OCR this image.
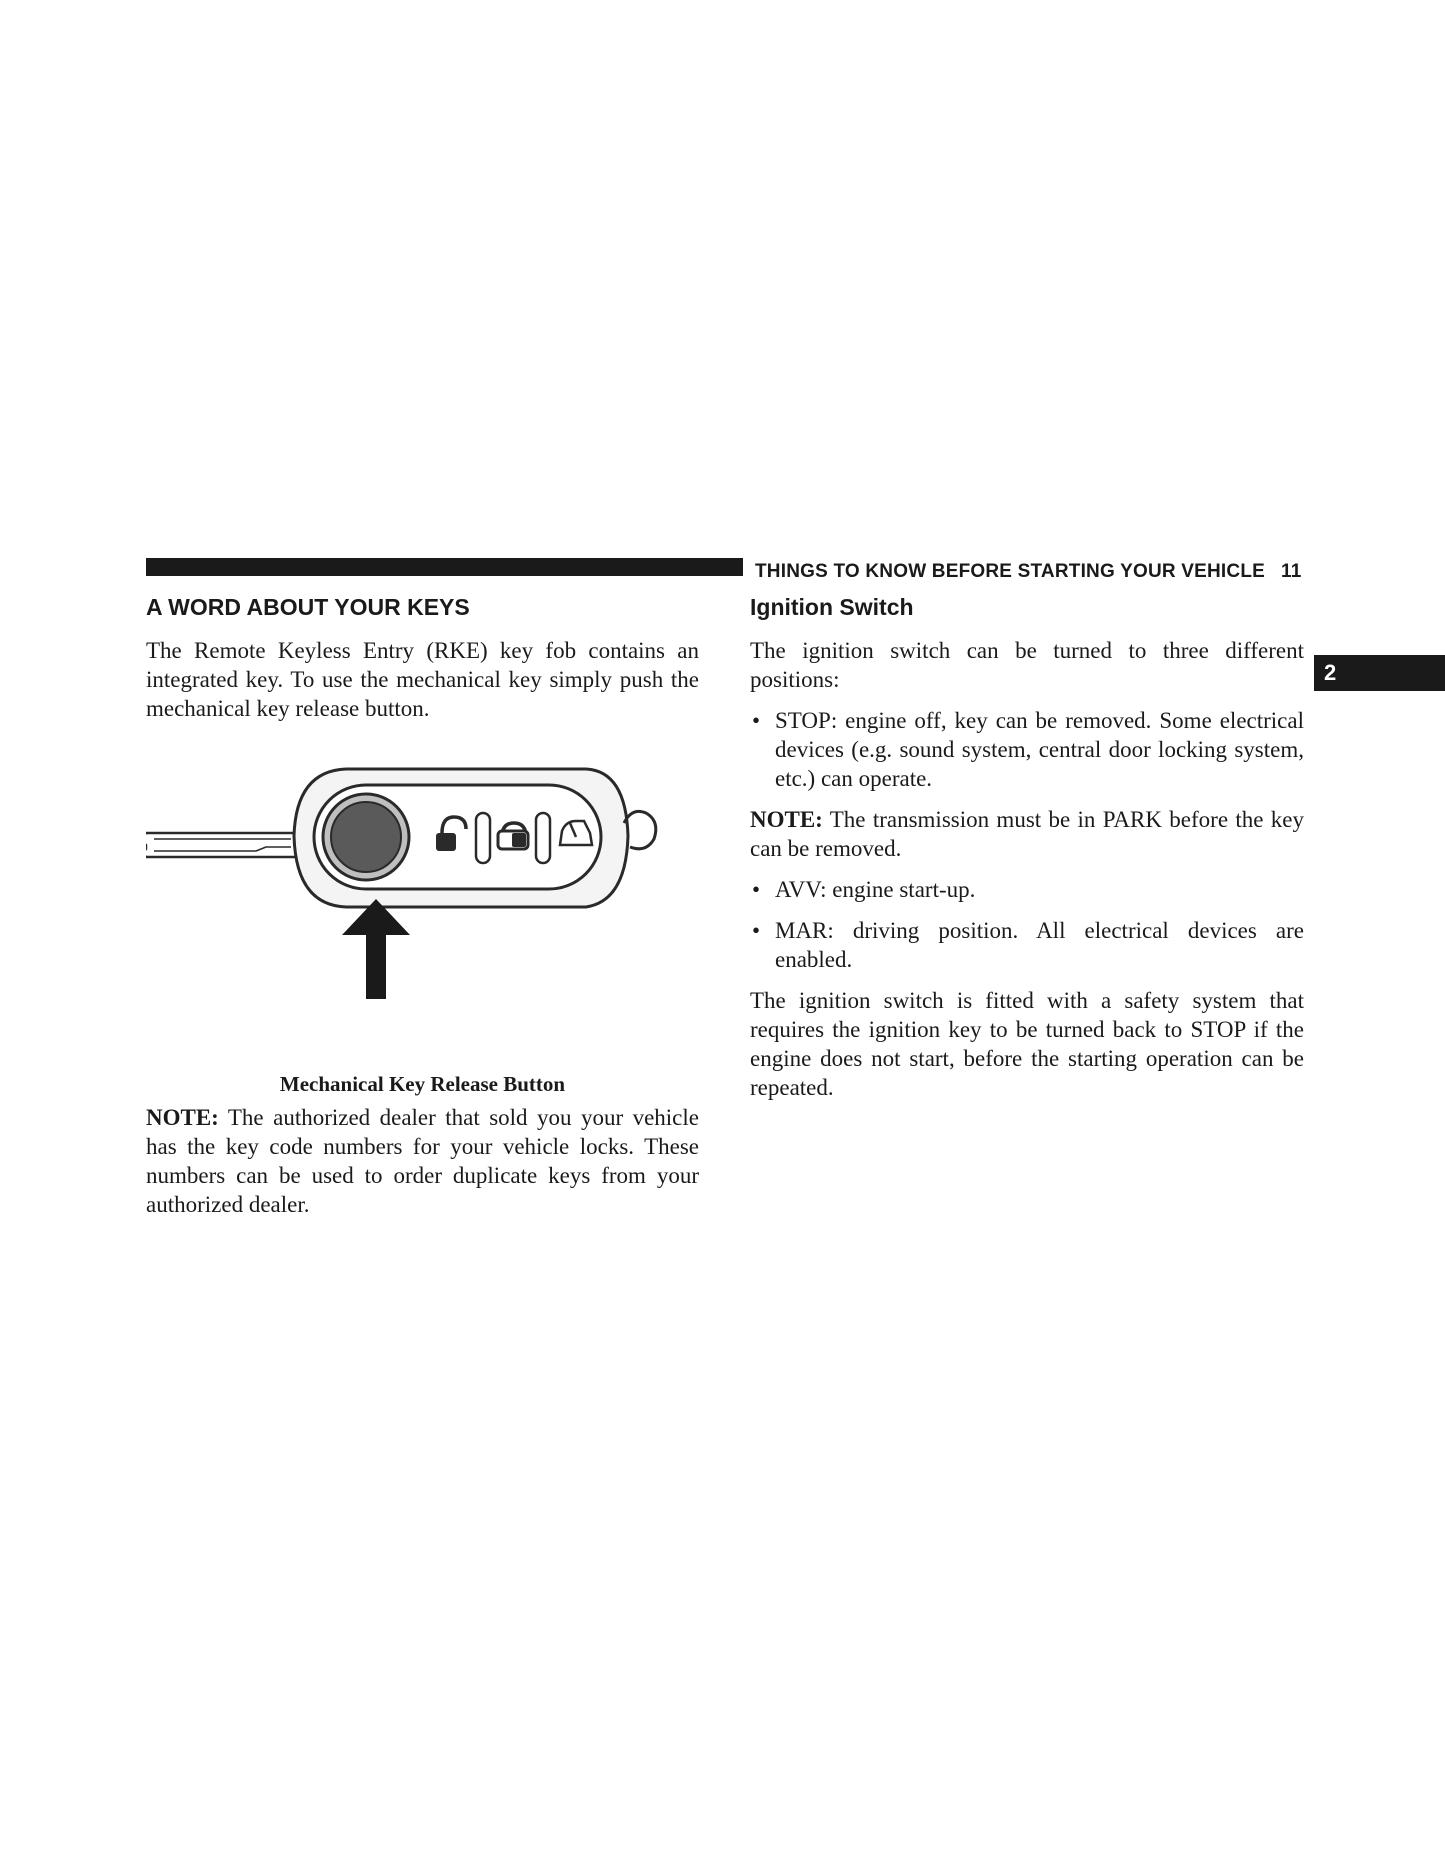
THINGS TO KNOW BEFORE STARTING YOUR VEHICLE 11
2
A WORD ABOUT YOUR KEYS

The Remote Keyless Entry (RKE) key fob contains an integrated key. To use the mechanical key simply push the mechanical key release button.

Mechanical Key Release Button

NOTE: The authorized dealer that sold you your vehicle has the key code numbers for your vehicle locks. These numbers can be used to order duplicate keys from your authorized dealer.

Ignition Switch

The ignition switch can be turned to three different positions:

• STOP: engine off, key can be removed. Some electrical devices (e.g. sound system, central door locking system, etc.) can operate.

NOTE: The transmission must be in PARK before the key can be removed.

• AVV: engine start-up.
• MAR: driving position. All electrical devices are enabled.

The ignition switch is fitted with a safety system that requires the ignition key to be turned back to STOP if the engine does not start, before the starting operation can be repeated.
